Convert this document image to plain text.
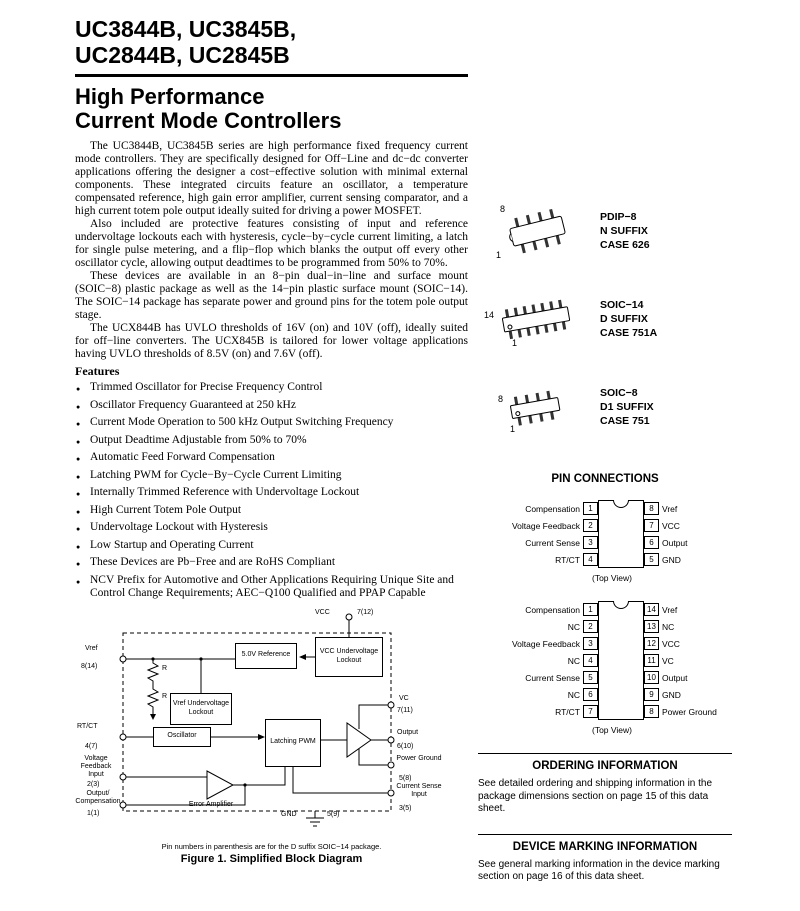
UC3844B, UC3845B,
UC2844B, UC2845B
High Performance
Current Mode Controllers

The UC3844B, UC3845B series are high performance fixed frequency current mode controllers. They are specifically designed for Off−Line and dc−dc converter applications offering the designer a cost−effective solution with minimal external components. These integrated circuits feature an oscillator, a temperature compensated reference, high gain error amplifier, current sensing comparator, and a high current totem pole output ideally suited for driving a power MOSFET.

Also included are protective features consisting of input and reference undervoltage lockouts each with hysteresis, cycle−by−cycle current limiting, a latch for single pulse metering, and a flip−flop which blanks the output off every other oscillator cycle, allowing output deadtimes to be programmed from 50% to 70%.

These devices are available in an 8−pin dual−in−line and surface mount (SOIC−8) plastic package as well as the 14−pin plastic surface mount (SOIC−14). The SOIC−14 package has separate power and ground pins for the totem pole output stage.

The UCX844B has UVLO thresholds of 16V (on) and 10V (off), ideally suited for off−line converters. The UCX845B is tailored for lower voltage applications having UVLO thresholds of 8.5V (on) and 7.6V (off).

Features
● Trimmed Oscillator for Precise Frequency Control
● Oscillator Frequency Guaranteed at 250 kHz
● Current Mode Operation to 500 kHz Output Switching Frequency
● Output Deadtime Adjustable from 50% to 70%
● Automatic Feed Forward Compensation
● Latching PWM for Cycle−By−Cycle Current Limiting
● Internally Trimmed Reference with Undervoltage Lockout
● High Current Totem Pole Output
● Undervoltage Lockout with Hysteresis
● Low Startup and Operating Current
● These Devices are Pb−Free and are RoHS Compliant
● NCV Prefix for Automotive and Other Applications Requiring Unique Site and Control Change Requirements; AEC−Q100 Qualified and PPAP Capable
5.0V Reference	VCC Undervoltage Lockout
Vref Undervoltage Lockout
Oscillator
Latching PWM
VCC	7(12)
Vref
8(14)	R
R
RT/CT
4(7)
Voltage Feedback Input
2(3)
Output/ Compensation
1(1)
VC
7(11)
Output
6(10)
Power Ground
5(8)
Current Sense Input
3(5)
Error Amplifier
GND	5(9)
Pin numbers in parenthesis are for the D suffix SOIC−14 package.
Figure 1. Simplified Block Diagram
8
1
PDIP−8
N SUFFIX
CASE 626
14
1
SOIC−14
D SUFFIX
CASE 751A
8
1
SOIC−8
D1 SUFFIX
CASE 751
PIN CONNECTIONS
Compensation	1	8 Vref
Voltage Feedback	2	7 VCC
Current Sense	3	6 Output
RT/CT	4	5 GND
(Top View)
Compensation	1	14 Vref
NC	2	13 NC
Voltage Feedback	3	12 VCC
NC	4	11 VC
Current Sense	5	10 Output
NC	6	9 GND
RT/CT	7	8 Power Ground
(Top View)
ORDERING INFORMATION

See detailed ordering and shipping information in the package dimensions section on page 15 of this data sheet.

DEVICE MARKING INFORMATION

See general marking information in the device marking section on page 16 of this data sheet.
